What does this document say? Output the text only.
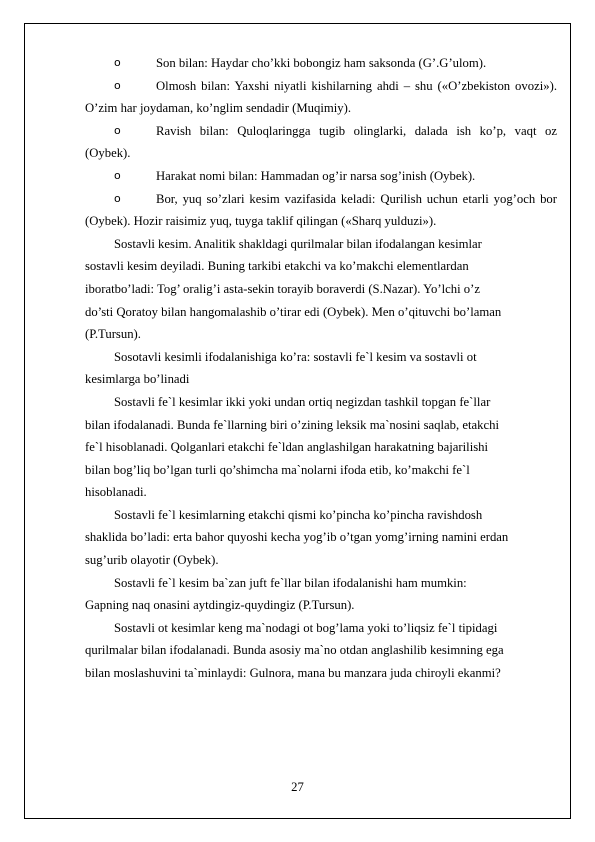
o	Son bilan: Haydar cho’kki bobongiz ham saksonda (G’.G’ulom).

o	Olmosh bilan: Yaxshi niyatli kishilarning ahdi – shu («O’zbekiston ovozi»). O’zim har joydaman, ko’nglim sendadir (Muqimiy).

o	Ravish bilan: Quloqlaringga tugib olinglarki, dalada ish ko’p, vaqt oz (Oybek).

o	Harakat nomi bilan: Hammadan og’ir narsa sog’inish (Oybek).

o	Bor, yuq so’zlari kesim vazifasida keladi: Qurilish uchun etarli yog’och bor (Oybek). Hozir raisimiz yuq, tuyga taklif qilingan («Sharq yulduzi»).

Sostavli kesim. Analitik shakldagi qurilmalar bilan ifodalangan kesimlar
sostavli kesim deyiladi. Buning tarkibi etakchi va ko’makchi elementlardan
iboratbo’ladi: Tog’ oralig’i asta-sekin torayib boraverdi (S.Nazar). Yo’lchi o’z
do’sti Qoratoy bilan hangomalashib o’tirar edi (Oybek). Men o’qituvchi bo’laman
(P.Tursun).

Sosotavli kesimli ifodalanishiga ko’ra: sostavli fe`l kesim va sostavli ot
kesimlarga bo’linadi

Sostavli fe`l kesimlar ikki yoki undan ortiq negizdan tashkil topgan fe`llar
bilan ifodalanadi. Bunda fe`llarning biri o’zining leksik ma`nosini saqlab, etakchi
fe`l hisoblanadi. Qolganlari etakchi fe`ldan anglashilgan harakatning bajarilishi
bilan bog’liq bo’lgan turli qo’shimcha ma`nolarni ifoda etib, ko’makchi fe`l
hisoblanadi.

Sostavli fe`l kesimlarning etakchi qismi ko’pincha ko’pincha ravishdosh
shaklida bo’ladi: erta bahor quyoshi kecha yog’ib o’tgan yomg’irning namini erdan
sug’urib olayotir (Oybek).

Sostavli fe`l kesim ba`zan juft fe`llar bilan ifodalanishi ham mumkin:
Gapning naq onasini aytdingiz-quydingiz (P.Tursun).

Sostavli ot kesimlar keng ma`nodagi ot bog’lama yoki to’liqsiz fe`l tipidagi
qurilmalar bilan ifodalanadi. Bunda asosiy ma`no otdan anglashilib kesimning ega
bilan moslashuvini ta`minlaydi: Gulnora, mana bu manzara juda chiroyli ekanmi?

27
